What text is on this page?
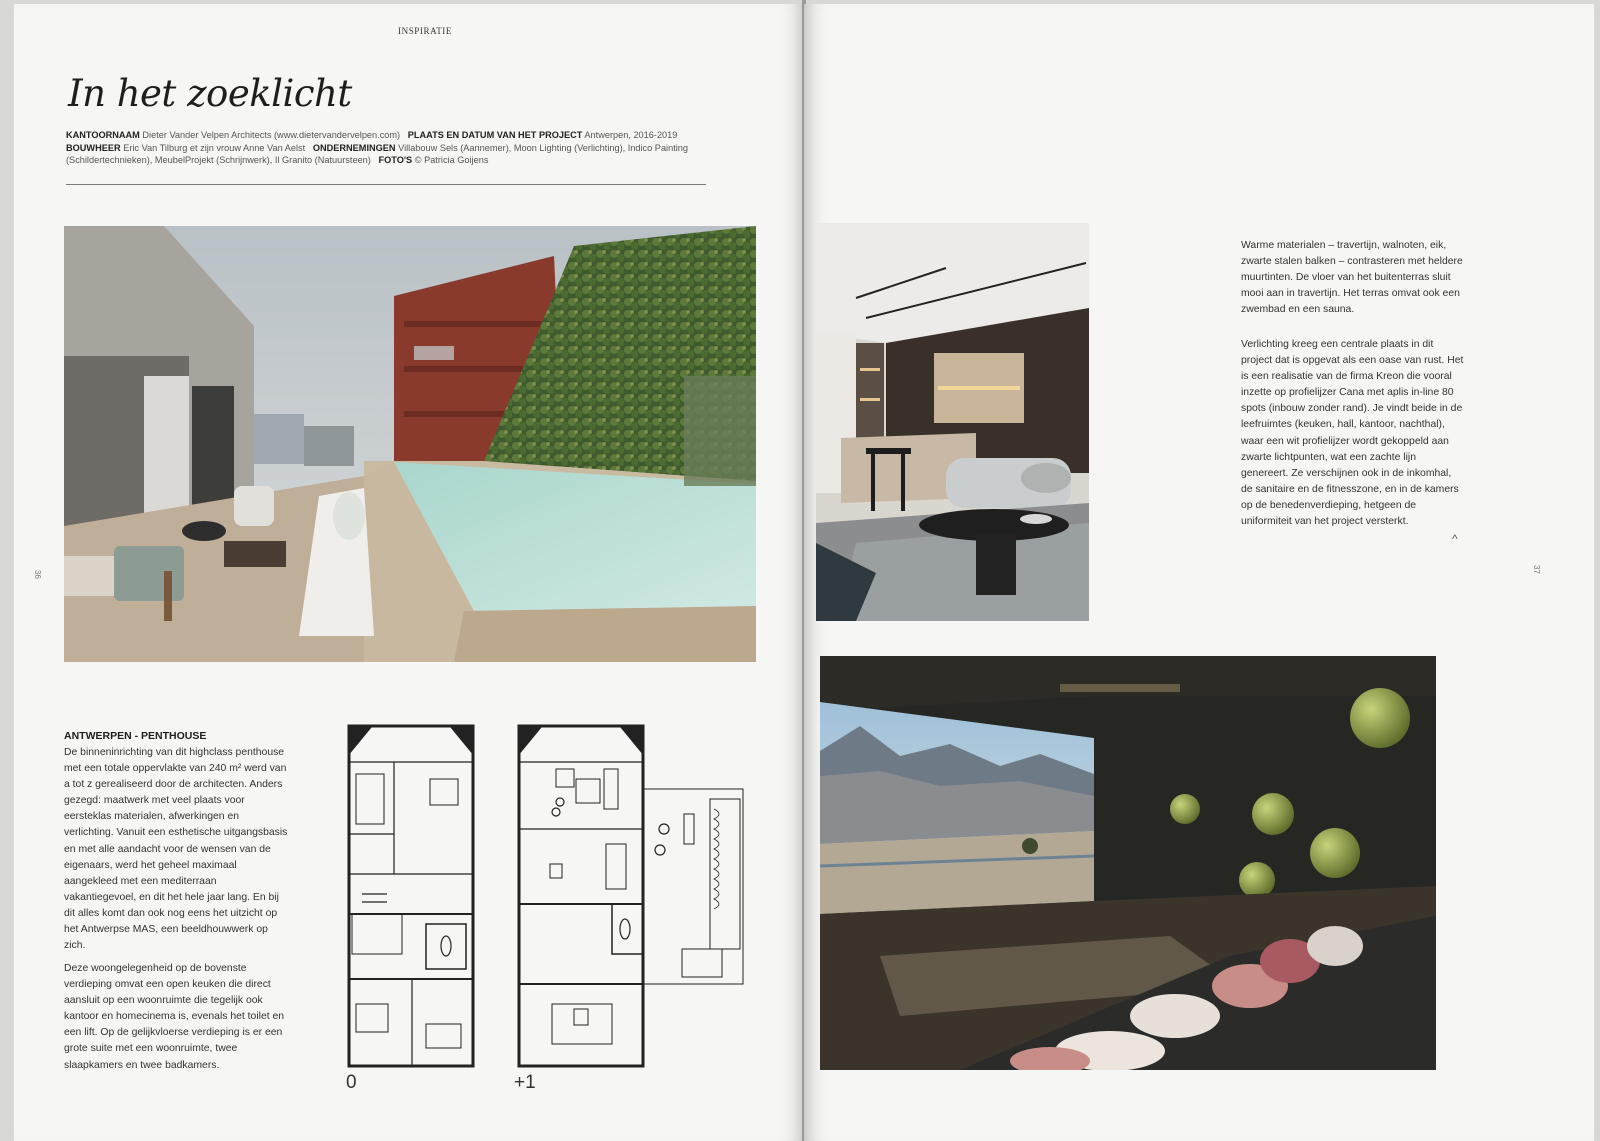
INSPIRATIE
In het zoeklicht
KANTOORNAAM Dieter Vander Velpen Architects (www.dietervandervelpen.com) PLAATS EN DATUM VAN HET PROJECT Antwerpen, 2016-2019   BOUWHEER Eric Van Tilburg et zijn vrouw Anne Van Aelst ONDERNEMINGEN Villabouw Sels (Aannemer), Moon Lighting (Verlichting), Indico Painting (Schildertechnieken), MeubelProjekt (Schrijnwerk), Il Granito (Natuursteen) FOTO'S © Patricia Goijens
36
ANTWERPEN - PENTHOUSE
De binneninrichting van dit highclass penthouse met een totale oppervlakte van 240 m² werd van a tot z gerealiseerd door de architecten. Anders gezegd: maatwerk met veel plaats voor eersteklas materialen, afwerkingen en verlichting. Vanuit een esthetische uitgangsbasis en met alle aandacht voor de wensen van de eigenaars, werd het geheel maximaal aangekleed met een mediterraan vakantiegevoel, en dit het hele jaar lang. En bij dit alles komt dan ook nog eens het uitzicht op het Antwerpse MAS, een beeldhouwwerk op zich.
Deze woongelegenheid op de bovenste verdieping omvat een open keuken die direct aansluit op een woonruimte die tegelijk ook kantoor en homecinema is, evenals het toilet en een lift. Op de gelijkvloerse verdieping is er een grote suite met een woonruimte, twee slaapkamers en twee badkamers.
0	+1
Warme materialen – travertijn, walnoten, eik, zwarte stalen balken – contrasteren met heldere muurtinten. De vloer van het buitenterras sluit mooi aan in travertijn. Het terras omvat ook een zwembad en een sauna.
Verlichting kreeg een centrale plaats in dit project dat is opgevat als een oase van rust. Het is een realisatie van de firma Kreon die vooral inzette op profielijzer Cana met aplis in-line 80 spots (inbouw zonder rand). Je vindt beide in de leefruimtes (keuken, hall, kantoor, nachthal), waar een wit profielijzer wordt gekoppeld aan zwarte lichtpunten, wat een zachte lijn genereert. Ze verschijnen ook in de inkomhal, de sanitaire en de fitnesszone, en in de kamers op de benedenverdieping, hetgeen de uniformiteit van het project versterkt.
^
37
